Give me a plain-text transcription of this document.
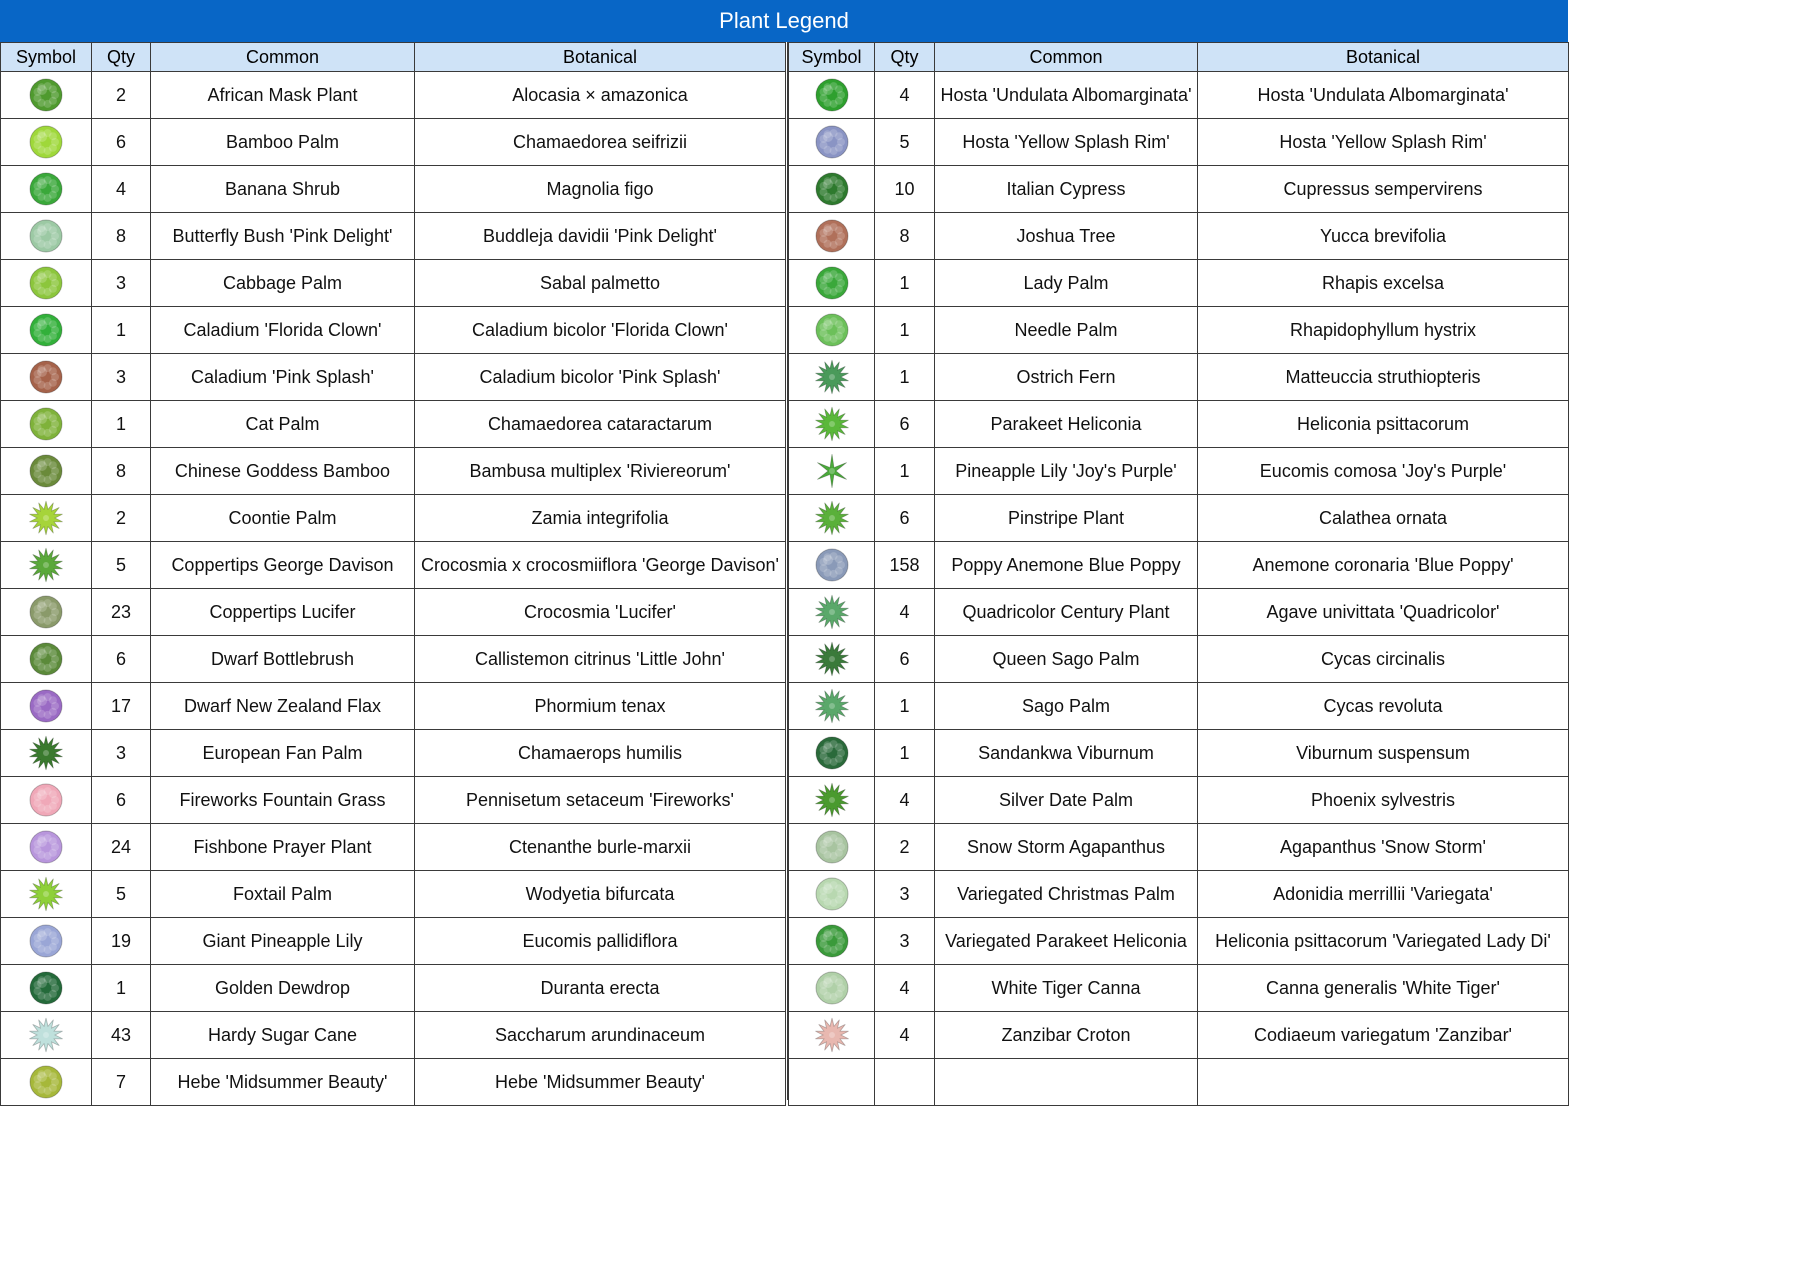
Plant Legend
Symbol	Qty	Common	Botanical

	2	African Mask Plant	Alocasia × amazonica

	6	Bamboo Palm	Chamaedorea seifrizii

	4	Banana Shrub	Magnolia figo

	8	Butterfly Bush 'Pink Delight'	Buddleja davidii 'Pink Delight'

	3	Cabbage Palm	Sabal palmetto

	1	Caladium 'Florida Clown'	Caladium bicolor 'Florida Clown'

	3	Caladium 'Pink Splash'	Caladium bicolor 'Pink Splash'

	1	Cat Palm	Chamaedorea cataractarum

	8	Chinese Goddess Bamboo	Bambusa multiplex 'Riviereorum'

	2	Coontie Palm	Zamia integrifolia

	5	Coppertips George Davison	Crocosmia x crocosmiiflora 'George Davison'

	23	Coppertips Lucifer	Crocosmia 'Lucifer'

	6	Dwarf Bottlebrush	Callistemon citrinus 'Little John'

	17	Dwarf New Zealand Flax	Phormium tenax

	3	European Fan Palm	Chamaerops humilis

	6	Fireworks Fountain Grass	Pennisetum setaceum 'Fireworks'

	24	Fishbone Prayer Plant	Ctenanthe burle-marxii

	5	Foxtail Palm	Wodyetia bifurcata

	19	Giant Pineapple Lily	Eucomis pallidiflora

	1	Golden Dewdrop	Duranta erecta

	43	Hardy Sugar Cane	Saccharum arundinaceum

	7	Hebe 'Midsummer Beauty'	Hebe 'Midsummer Beauty'
Symbol	Qty	Common	Botanical

	4	Hosta 'Undulata Albomarginata'	Hosta 'Undulata Albomarginata'

	5	Hosta 'Yellow Splash Rim'	Hosta 'Yellow Splash Rim'

	10	Italian Cypress	Cupressus sempervirens

	8	Joshua Tree	Yucca brevifolia

	1	Lady Palm	Rhapis excelsa

	1	Needle Palm	Rhapidophyllum hystrix

	1	Ostrich Fern	Matteuccia struthiopteris

	6	Parakeet Heliconia	Heliconia psittacorum

	1	Pineapple Lily 'Joy's Purple'	Eucomis comosa 'Joy's Purple'

	6	Pinstripe Plant	Calathea ornata

	158	Poppy Anemone Blue Poppy	Anemone coronaria 'Blue Poppy'

	4	Quadricolor Century Plant	Agave univittata 'Quadricolor'

	6	Queen Sago Palm	Cycas circinalis

	1	Sago Palm	Cycas revoluta

	1	Sandankwa Viburnum	Viburnum suspensum

	4	Silver Date Palm	Phoenix sylvestris

	2	Snow Storm Agapanthus	Agapanthus 'Snow Storm'

	3	Variegated Christmas Palm	Adonidia merrillii 'Variegata'

	3	Variegated Parakeet Heliconia	Heliconia psittacorum 'Variegated Lady Di'

	4	White Tiger Canna	Canna generalis 'White Tiger'

	4	Zanzibar Croton	Codiaeum variegatum 'Zanzibar'
